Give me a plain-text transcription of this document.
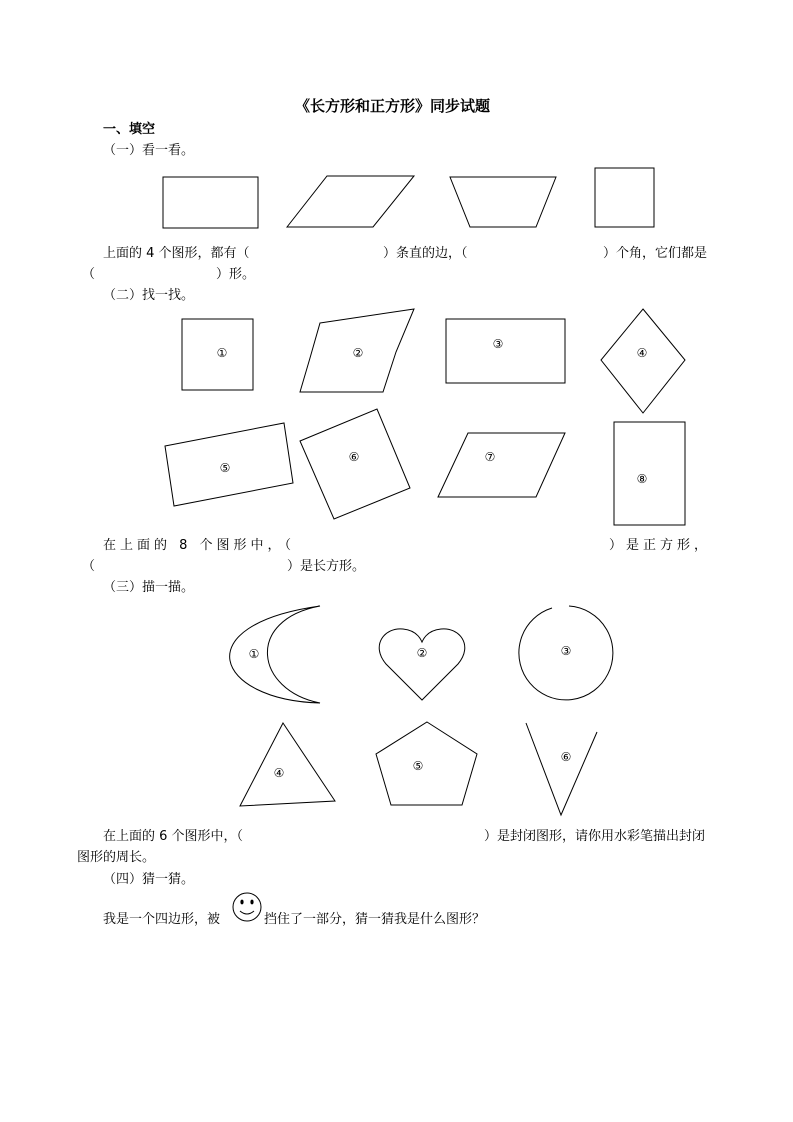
《长方形和正方形》同步试题
一、填空
（一）看一看。
上面的 4 个图形，都有（	）条直的边，（	）个角，它们都是
（	）形。
（二）找一找。
在上面的 8 个图形中，（	）是正方形，
（	）是长方形。
（三）描一描。
在上面的 6 个图形中，（	）是封闭图形，请你用水彩笔描出封闭
图形的周长。
（四）猜一猜。
我是一个四边形，被	挡住了一部分，猜一猜我是什么图形？
①	②
③
④
⑤
⑥	⑦
⑧
①	②	③
④	⑤
⑥
